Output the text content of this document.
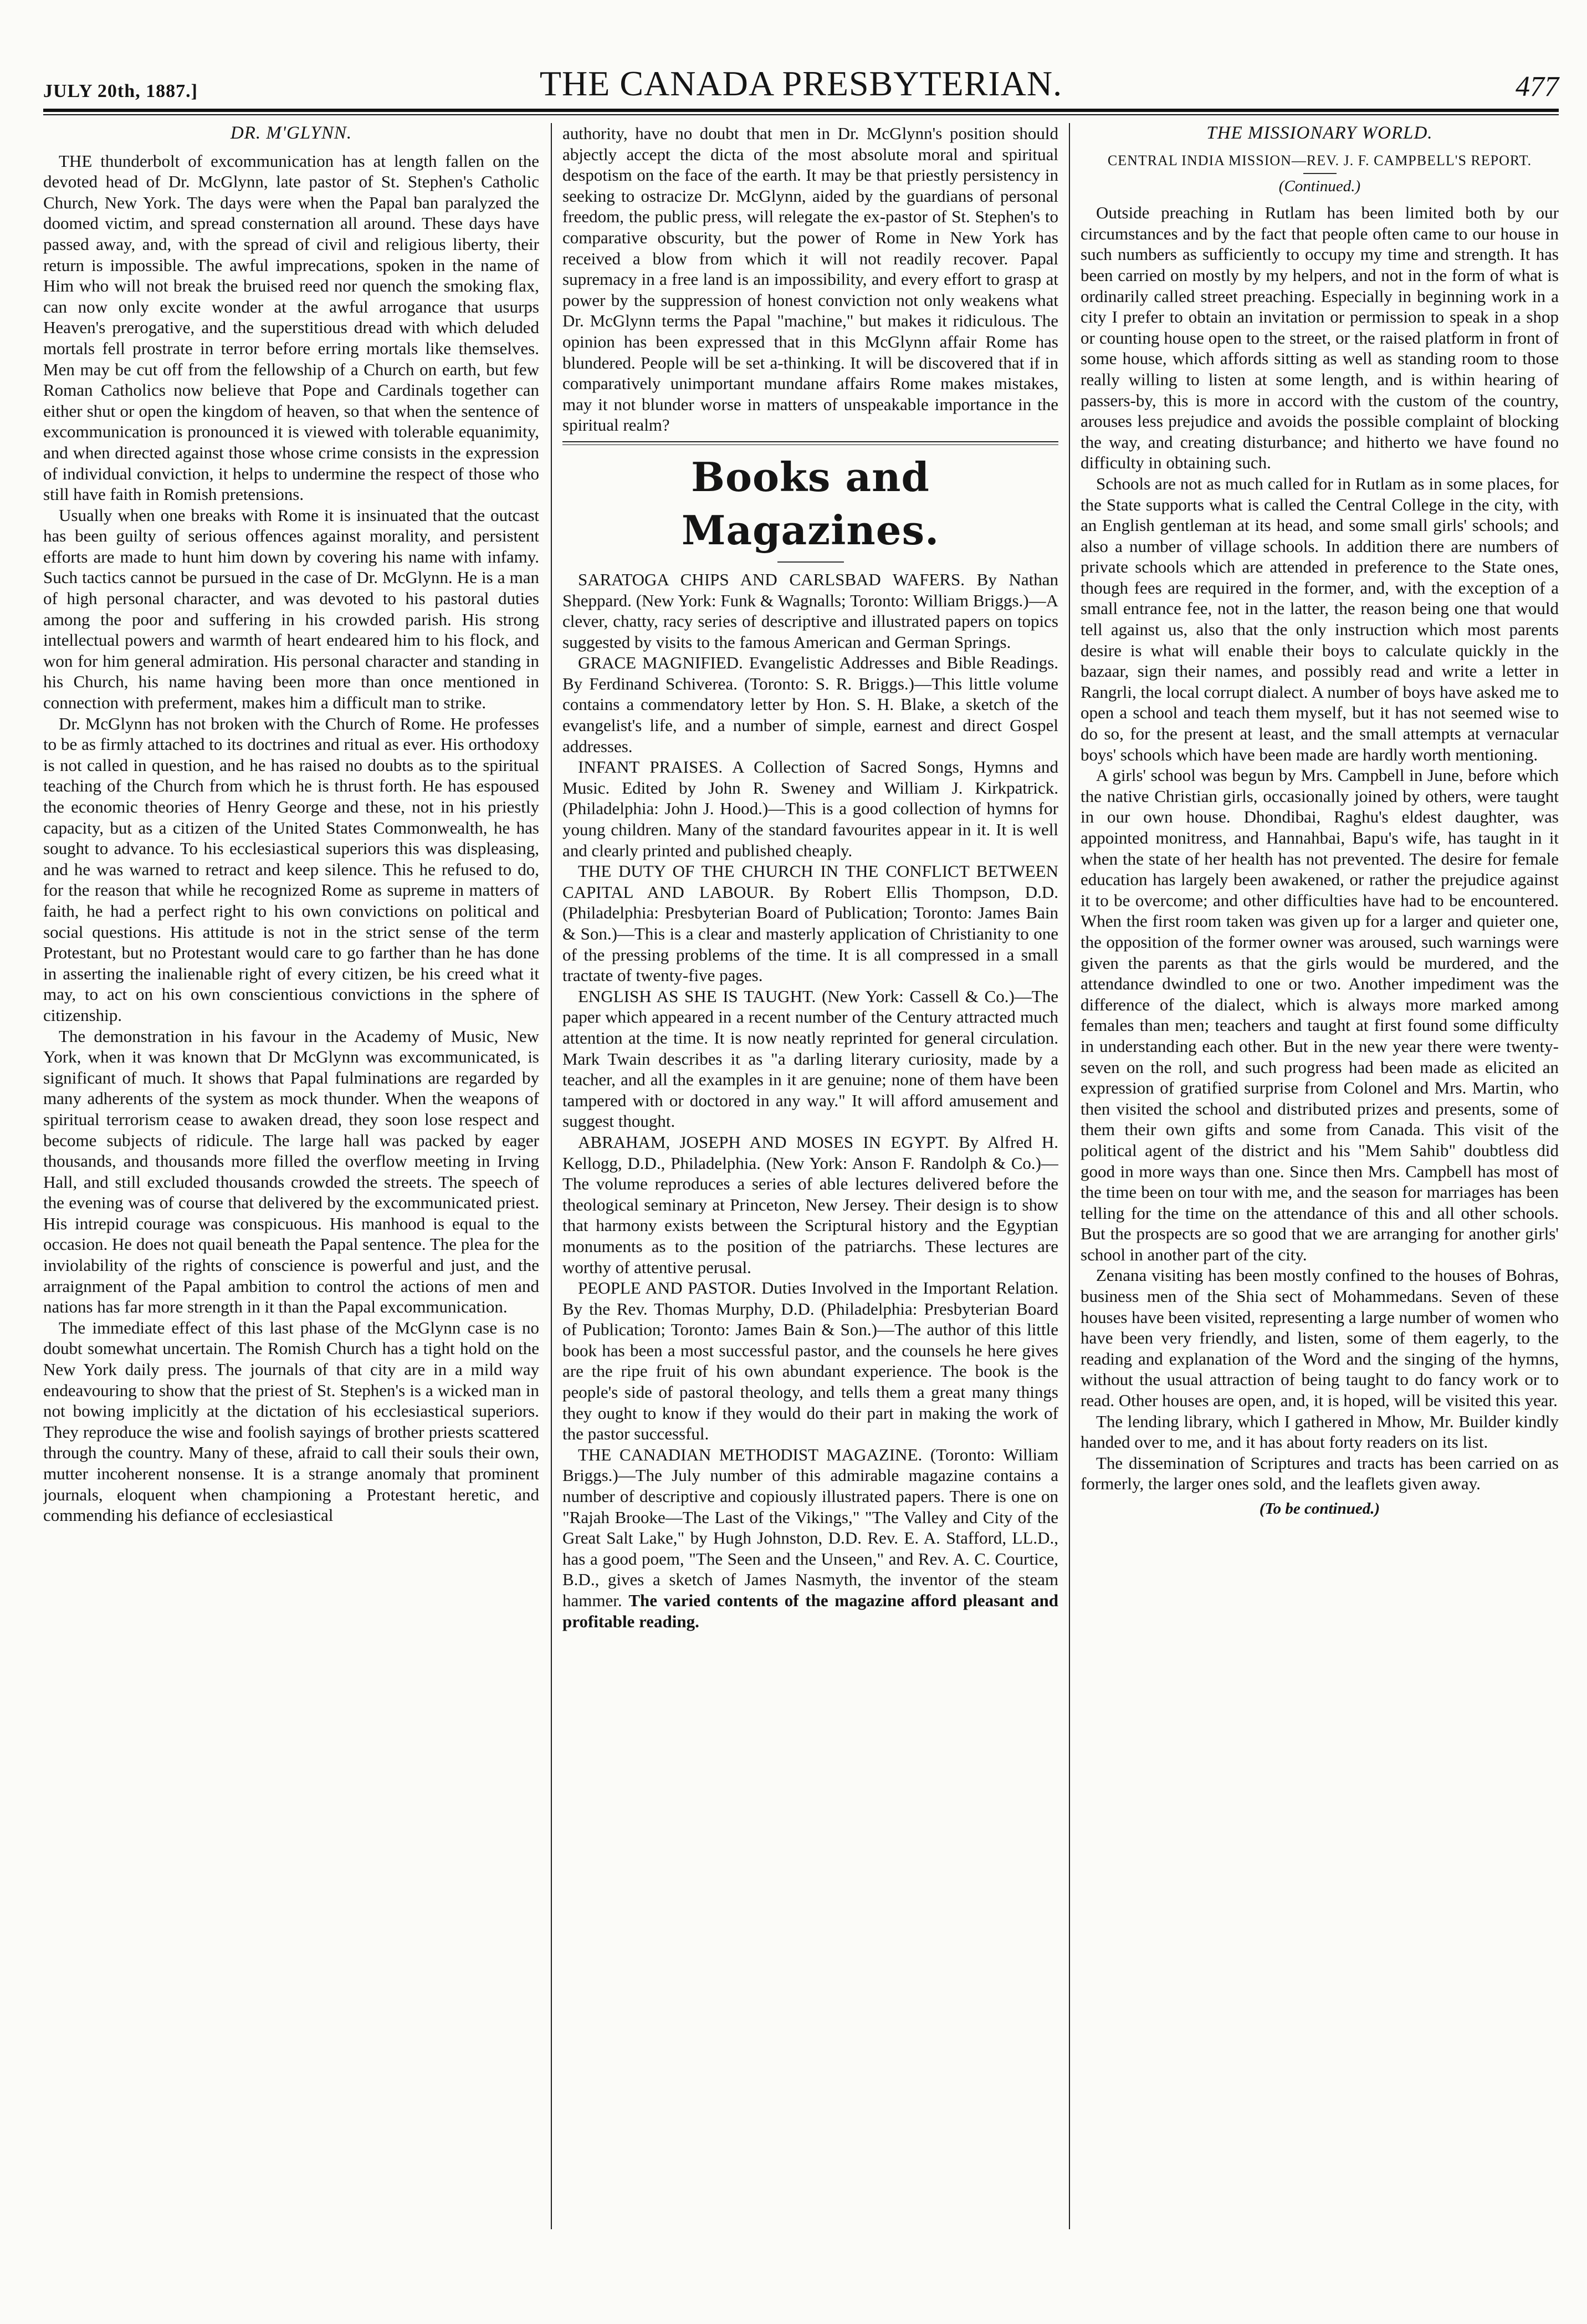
JULY 20th, 1887.]	THE CANADA PRESBYTERIAN.	477
DR. M'GLYNN.

THE thunderbolt of excommunication has at length fallen on the devoted head of Dr. McGlynn, late pastor of St. Stephen's Catholic Church, New York. The days were when the Papal ban paralyzed the doomed victim, and spread consternation all around. These days have passed away, and, with the spread of civil and religious liberty, their return is impossible. The awful imprecations, spoken in the name of Him who will not break the bruised reed nor quench the smoking flax, can now only excite wonder at the awful arrogance that usurps Heaven's prerogative, and the superstitious dread with which deluded mortals fell prostrate in terror before erring mortals like themselves. Men may be cut off from the fellowship of a Church on earth, but few Roman Catholics now believe that Pope and Cardinals together can either shut or open the kingdom of heaven, so that when the sentence of excommunication is pronounced it is viewed with tolerable equanimity, and when directed against those whose crime consists in the expression of individual conviction, it helps to undermine the respect of those who still have faith in Romish pretensions.

Usually when one breaks with Rome it is insinuated that the outcast has been guilty of serious offences against morality, and persistent efforts are made to hunt him down by covering his name with infamy. Such tactics cannot be pursued in the case of Dr. McGlynn. He is a man of high personal character, and was devoted to his pastoral duties among the poor and suffering in his crowded parish. His strong intellectual powers and warmth of heart endeared him to his flock, and won for him general admiration. His personal character and standing in his Church, his name having been more than once mentioned in connection with preferment, makes him a difficult man to strike.

Dr. McGlynn has not broken with the Church of Rome. He professes to be as firmly attached to its doctrines and ritual as ever. His orthodoxy is not called in question, and he has raised no doubts as to the spiritual teaching of the Church from which he is thrust forth. He has espoused the economic theories of Henry George and these, not in his priestly capacity, but as a citizen of the United States Commonwealth, he has sought to advance. To his ecclesiastical superiors this was displeasing, and he was warned to retract and keep silence. This he refused to do, for the reason that while he recognized Rome as supreme in matters of faith, he had a perfect right to his own convictions on political and social questions. His attitude is not in the strict sense of the term Protestant, but no Protestant would care to go farther than he has done in asserting the inalienable right of every citizen, be his creed what it may, to act on his own conscientious convictions in the sphere of citizenship.

The demonstration in his favour in the Academy of Music, New York, when it was known that Dr McGlynn was excommunicated, is significant of much. It shows that Papal fulminations are regarded by many adherents of the system as mock thunder. When the weapons of spiritual terrorism cease to awaken dread, they soon lose respect and become subjects of ridicule. The large hall was packed by eager thousands, and thousands more filled the overflow meeting in Irving Hall, and still excluded thousands crowded the streets. The speech of the evening was of course that delivered by the excommunicated priest. His intrepid courage was conspicuous. His manhood is equal to the occasion. He does not quail beneath the Papal sentence. The plea for the inviolability of the rights of conscience is powerful and just, and the arraignment of the Papal ambition to control the actions of men and nations has far more strength in it than the Papal excommunication.

The immediate effect of this last phase of the McGlynn case is no doubt somewhat uncertain. The Romish Church has a tight hold on the New York daily press. The journals of that city are in a mild way endeavouring to show that the priest of St. Stephen's is a wicked man in not bowing implicitly at the dictation of his ecclesiastical superiors. They reproduce the wise and foolish sayings of brother priests scattered through the country. Many of these, afraid to call their souls their own, mutter incoherent nonsense. It is a strange anomaly that prominent journals, eloquent when championing a Protestant heretic, and commending his defiance of ecclesiastical

authority, have no doubt that men in Dr. McGlynn's position should abjectly accept the dicta of the most absolute moral and spiritual despotism on the face of the earth. It may be that priestly persistency in seeking to ostracize Dr. McGlynn, aided by the guardians of personal freedom, the public press, will relegate the ex-pastor of St. Stephen's to comparative obscurity, but the power of Rome in New York has received a blow from which it will not readily recover. Papal supremacy in a free land is an impossibility, and every effort to grasp at power by the suppression of honest conviction not only weakens what Dr. McGlynn terms the Papal "machine," but makes it ridiculous. The opinion has been expressed that in this McGlynn affair Rome has blundered. People will be set a-thinking. It will be discovered that if in comparatively unimportant mundane affairs Rome makes mistakes, may it not blunder worse in matters of unspeakable importance in the spiritual realm?

Books and Magazines.

SARATOGA CHIPS AND CARLSBAD WAFERS. By Nathan Sheppard. (New York: Funk & Wagnalls; Toronto: William Briggs.)—A clever, chatty, racy series of descriptive and illustrated papers on topics suggested by visits to the famous American and German Springs.

GRACE MAGNIFIED. Evangelistic Addresses and Bible Readings. By Ferdinand Schiverea. (Toronto: S. R. Briggs.)—This little volume contains a commendatory letter by Hon. S. H. Blake, a sketch of the evangelist's life, and a number of simple, earnest and direct Gospel addresses.

INFANT PRAISES. A Collection of Sacred Songs, Hymns and Music. Edited by John R. Sweney and William J. Kirkpatrick. (Philadelphia: John J. Hood.)—This is a good collection of hymns for young children. Many of the standard favourites appear in it. It is well and clearly printed and published cheaply.

THE DUTY OF THE CHURCH IN THE CONFLICT BETWEEN CAPITAL AND LABOUR. By Robert Ellis Thompson, D.D. (Philadelphia: Presbyterian Board of Publication; Toronto: James Bain & Son.)—This is a clear and masterly application of Christianity to one of the pressing problems of the time. It is all compressed in a small tractate of twenty-five pages.

ENGLISH AS SHE IS TAUGHT. (New York: Cassell & Co.)—The paper which appeared in a recent number of the Century attracted much attention at the time. It is now neatly reprinted for general circulation. Mark Twain describes it as "a darling literary curiosity, made by a teacher, and all the examples in it are genuine; none of them have been tampered with or doctored in any way." It will afford amusement and suggest thought.

ABRAHAM, JOSEPH AND MOSES IN EGYPT. By Alfred H. Kellogg, D.D., Philadelphia. (New York: Anson F. Randolph & Co.)—The volume reproduces a series of able lectures delivered before the theological seminary at Princeton, New Jersey. Their design is to show that harmony exists between the Scriptural history and the Egyptian monuments as to the position of the patriarchs. These lectures are worthy of attentive perusal.

PEOPLE AND PASTOR. Duties Involved in the Important Relation. By the Rev. Thomas Murphy, D.D. (Philadelphia: Presbyterian Board of Publication; Toronto: James Bain & Son.)—The author of this little book has been a most successful pastor, and the counsels he here gives are the ripe fruit of his own abundant experience. The book is the people's side of pastoral theology, and tells them a great many things they ought to know if they would do their part in making the work of the pastor successful.

THE CANADIAN METHODIST MAGAZINE. (Toronto: William Briggs.)—The July number of this admirable magazine contains a number of descriptive and copiously illustrated papers. There is one on "Rajah Brooke—The Last of the Vikings," "The Valley and City of the Great Salt Lake," by Hugh Johnston, D.D. Rev. E. A. Stafford, LL.D., has a good poem, "The Seen and the Unseen," and Rev. A. C. Courtice, B.D., gives a sketch of James Nasmyth, the inventor of the steam hammer. The varied contents of the magazine afford pleasant and profitable reading.

THE MISSIONARY WORLD.
CENTRAL INDIA MISSION—REV. J. F. CAMPBELL'S REPORT.
(Continued.)

Outside preaching in Rutlam has been limited both by our circumstances and by the fact that people often came to our house in such numbers as sufficiently to occupy my time and strength. It has been carried on mostly by my helpers, and not in the form of what is ordinarily called street preaching. Especially in beginning work in a city I prefer to obtain an invitation or permission to speak in a shop or counting house open to the street, or the raised platform in front of some house, which affords sitting as well as standing room to those really willing to listen at some length, and is within hearing of passers-by, this is more in accord with the custom of the country, arouses less prejudice and avoids the possible complaint of blocking the way, and creating disturbance; and hitherto we have found no difficulty in obtaining such.

Schools are not as much called for in Rutlam as in some places, for the State supports what is called the Central College in the city, with an English gentleman at its head, and some small girls' schools; and also a number of village schools. In addition there are numbers of private schools which are attended in preference to the State ones, though fees are required in the former, and, with the exception of a small entrance fee, not in the latter, the reason being one that would tell against us, also that the only instruction which most parents desire is what will enable their boys to calculate quickly in the bazaar, sign their names, and possibly read and write a letter in Rangrli, the local corrupt dialect. A number of boys have asked me to open a school and teach them myself, but it has not seemed wise to do so, for the present at least, and the small attempts at vernacular boys' schools which have been made are hardly worth mentioning.

A girls' school was begun by Mrs. Campbell in June, before which the native Christian girls, occasionally joined by others, were taught in our own house. Dhondibai, Raghu's eldest daughter, was appointed monitress, and Hannahbai, Bapu's wife, has taught in it when the state of her health has not prevented. The desire for female education has largely been awakened, or rather the prejudice against it to be overcome; and other difficulties have had to be encountered. When the first room taken was given up for a larger and quieter one, the opposition of the former owner was aroused, such warnings were given the parents as that the girls would be murdered, and the attendance dwindled to one or two. Another impediment was the difference of the dialect, which is always more marked among females than men; teachers and taught at first found some difficulty in understanding each other. But in the new year there were twenty-seven on the roll, and such progress had been made as elicited an expression of gratified surprise from Colonel and Mrs. Martin, who then visited the school and distributed prizes and presents, some of them their own gifts and some from Canada. This visit of the political agent of the district and his "Mem Sahib" doubtless did good in more ways than one. Since then Mrs. Campbell has most of the time been on tour with me, and the season for marriages has been telling for the time on the attendance of this and all other schools. But the prospects are so good that we are arranging for another girls' school in another part of the city.

Zenana visiting has been mostly confined to the houses of Bohras, business men of the Shia sect of Mohammedans. Seven of these houses have been visited, representing a large number of women who have been very friendly, and listen, some of them eagerly, to the reading and explanation of the Word and the singing of the hymns, without the usual attraction of being taught to do fancy work or to read. Other houses are open, and, it is hoped, will be visited this year.

The lending library, which I gathered in Mhow, Mr. Builder kindly handed over to me, and it has about forty readers on its list.

The dissemination of Scriptures and tracts has been carried on as formerly, the larger ones sold, and the leaflets given away.

(To be continued.)
